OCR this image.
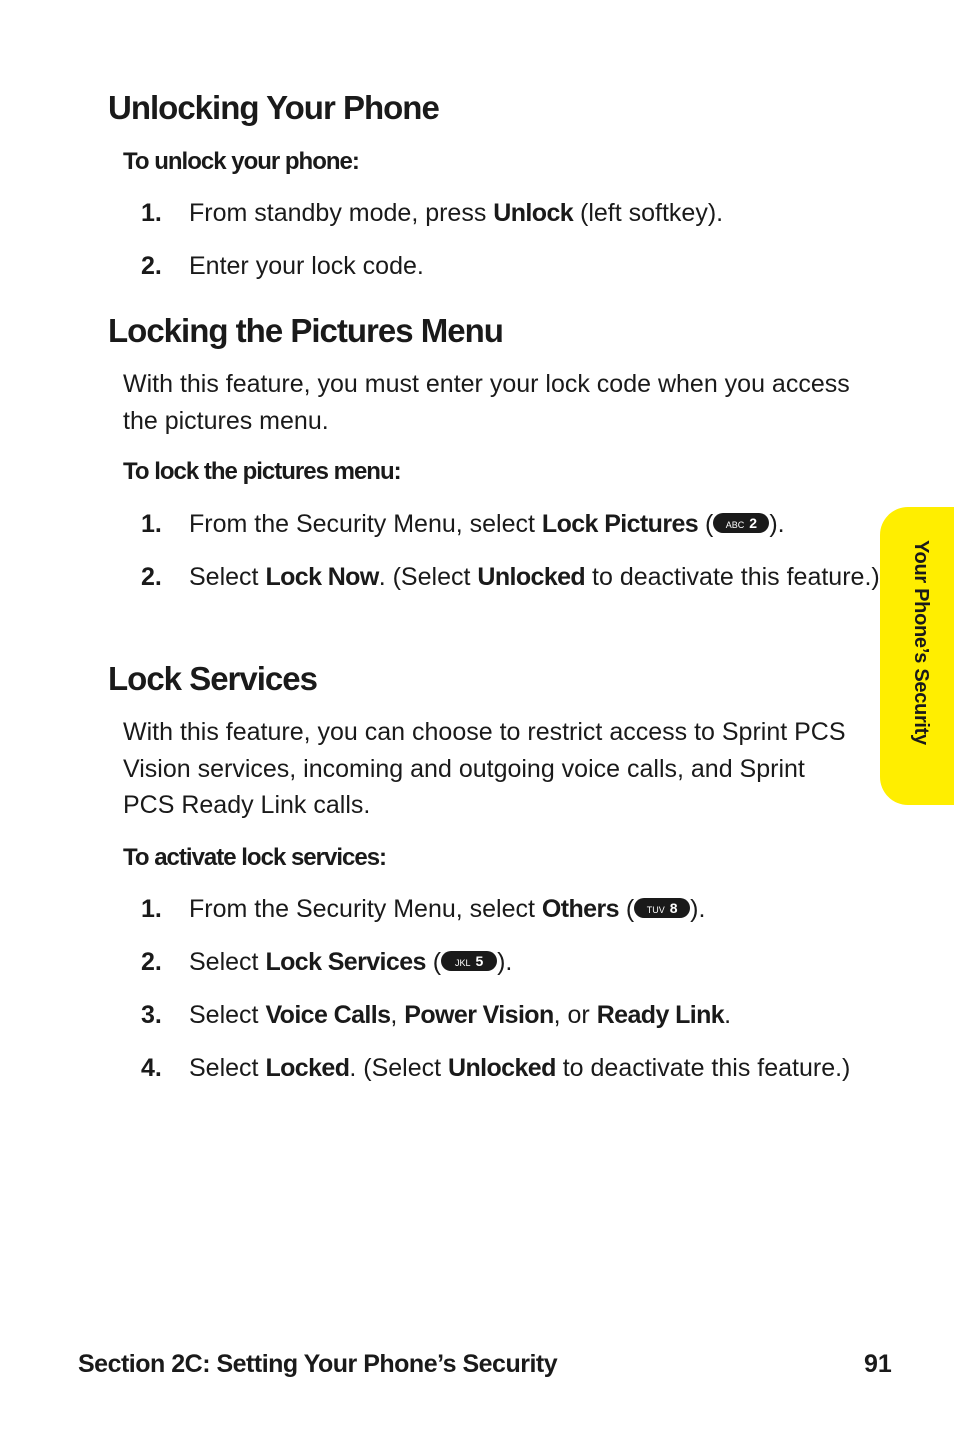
Unlocking Your Phone

To unlock your phone:

1. From standby mode, press Unlock (left softkey).
2. Enter your lock code.
Locking the Pictures Menu

With this feature, you must enter your lock code when you access the pictures menu.

To lock the pictures menu:

1. From the Security Menu, select Lock Pictures ( ABC 2 ).
2. Select Lock Now. (Select Unlocked to deactivate this feature.)
Lock Services

With this feature, you can choose to restrict access to Sprint PCS Vision services, incoming and outgoing voice calls, and Sprint PCS Ready Link calls.

To activate lock services:

1. From the Security Menu, select Others ( TUV 8 ).
2. Select Lock Services ( JKL 5 ).
3. Select Voice Calls, Power Vision, or Ready Link.
4. Select Locked. (Select Unlocked to deactivate this feature.)
Your Phone’s Security

Section 2C: Setting Your Phone’s Security	91
